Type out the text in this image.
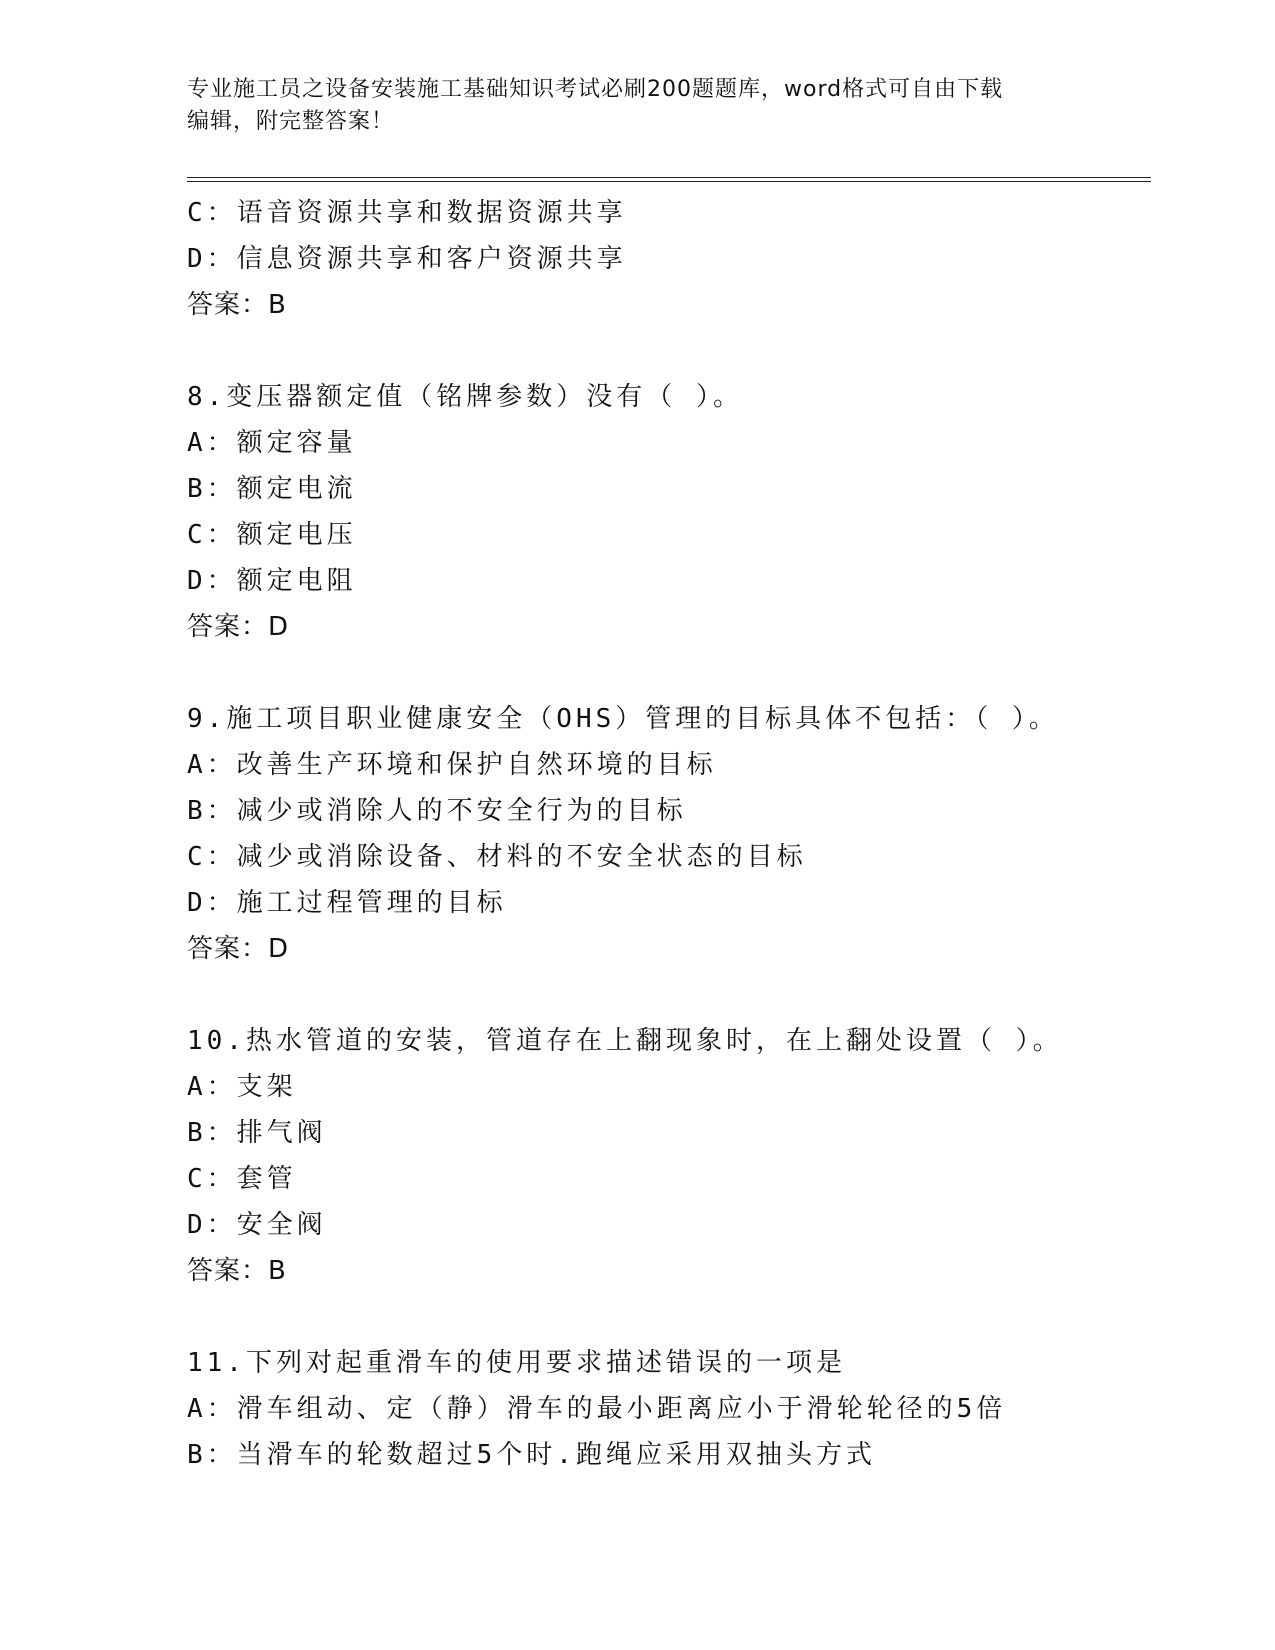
专业施工员之设备安装施工基础知识考试必刷200题题库，word格式可自由下载
编辑，附完整答案！
C：语音资源共享和数据资源共享
D：信息资源共享和客户资源共享
答案：B
8.变压器额定值（铭牌参数）没有（ ）。
A：额定容量
B：额定电流
C：额定电压
D：额定电阻
答案：D
9.施工项目职业健康安全（OHS）管理的目标具体不包括：（ ）。
A：改善生产环境和保护自然环境的目标
B：减少或消除人的不安全行为的目标
C：减少或消除设备、材料的不安全状态的目标
D：施工过程管理的目标
答案：D
10.热水管道的安装，管道存在上翻现象时，在上翻处设置（ ）。
A：支架
B：排气阀
C：套管
D：安全阀
答案：B
11.下列对起重滑车的使用要求描述错误的一项是
A：滑车组动、定（静）滑车的最小距离应小于滑轮轮径的5倍
B：当滑车的轮数超过5个时.跑绳应采用双抽头方式
